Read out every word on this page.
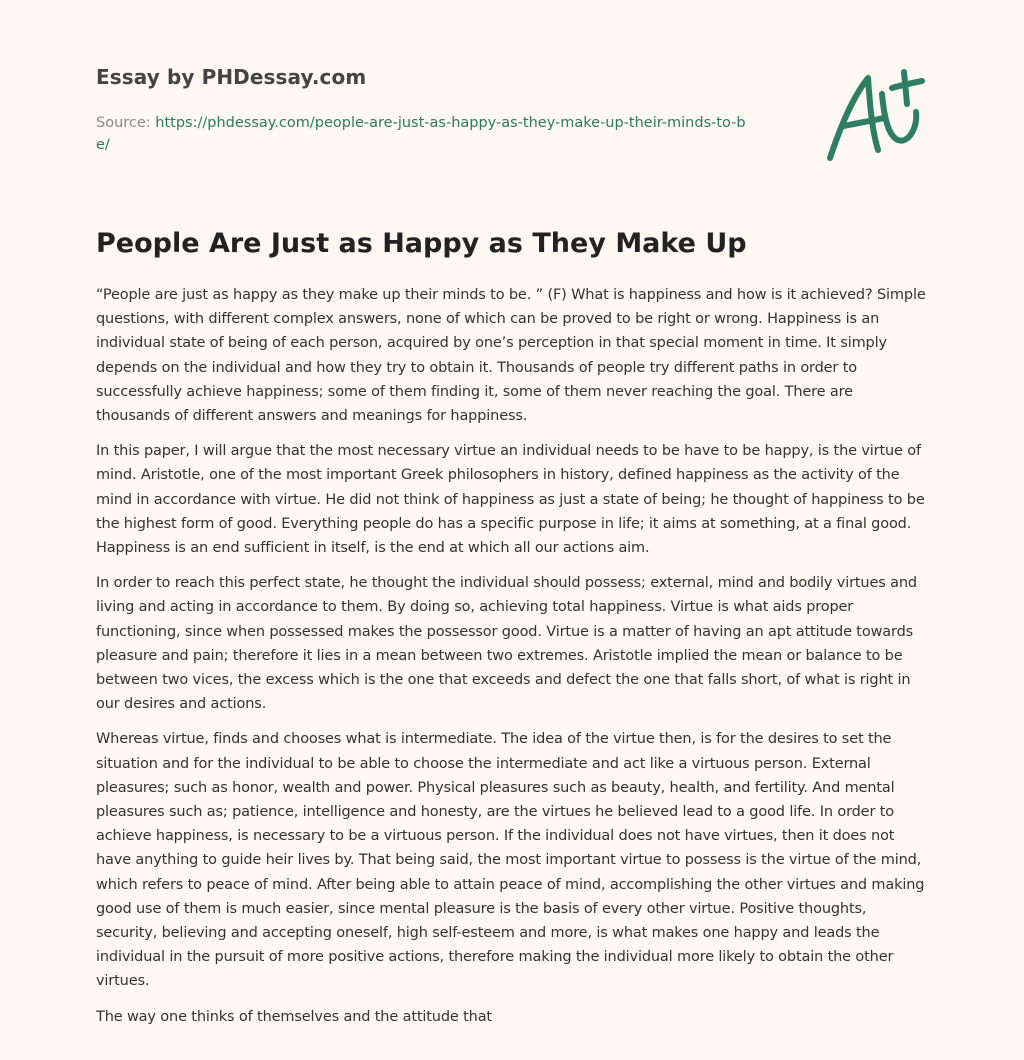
Essay by PHDessay.com
Source: https://phdessay.com/people-are-just-as-happy-as-they-make-up-their-minds-to-be/
People Are Just as Happy as They Make Up

“People are just as happy as they make up their minds to be. ” (F) What is happiness and how is it achieved? Simple questions, with different complex answers, none of which can be proved to be right or wrong. Happiness is an individual state of being of each person, acquired by one’s perception in that special moment in time. It simply depends on the individual and how they try to obtain it. Thousands of people try different paths in order to successfully achieve happiness; some of them finding it, some of them never reaching the goal. There are thousands of different answers and meanings for happiness.

In this paper, I will argue that the most necessary virtue an individual needs to be have to be happy, is the virtue of mind. Aristotle, one of the most important Greek philosophers in history, defined happiness as the activity of the mind in accordance with virtue. He did not think of happiness as just a state of being; he thought of happiness to be the highest form of good. Everything people do has a specific purpose in life; it aims at something, at a final good. Happiness is an end sufficient in itself, is the end at which all our actions aim.

In order to reach this perfect state, he thought the individual should possess; external, mind and bodily virtues and living and acting in accordance to them. By doing so, achieving total happiness. Virtue is what aids proper functioning, since when possessed makes the possessor good. Virtue is a matter of having an apt attitude towards pleasure and pain; therefore it lies in a mean between two extremes. Aristotle implied the mean or balance to be between two vices, the excess which is the one that exceeds and defect the one that falls short, of what is right in our desires and actions.

Whereas virtue, finds and chooses what is intermediate. The idea of the virtue then, is for the desires to set the situation and for the individual to be able to choose the intermediate and act like a virtuous person. External pleasures; such as honor, wealth and power. Physical pleasures such as beauty, health, and fertility. And mental pleasures such as; patience, intelligence and honesty, are the virtues he believed lead to a good life. In order to achieve happiness, is necessary to be a virtuous person. If the individual does not have virtues, then it does not have anything to guide heir lives by. That being said, the most important virtue to possess is the virtue of the mind, which refers to peace of mind. After being able to attain peace of mind, accomplishing the other virtues and making good use of them is much easier, since mental pleasure is the basis of every other virtue. Positive thoughts, security, believing and accepting oneself, high self-esteem and more, is what makes one happy and leads the individual in the pursuit of more positive actions, therefore making the individual more likely to obtain the other virtues.

The way one thinks of themselves and the attitude that
